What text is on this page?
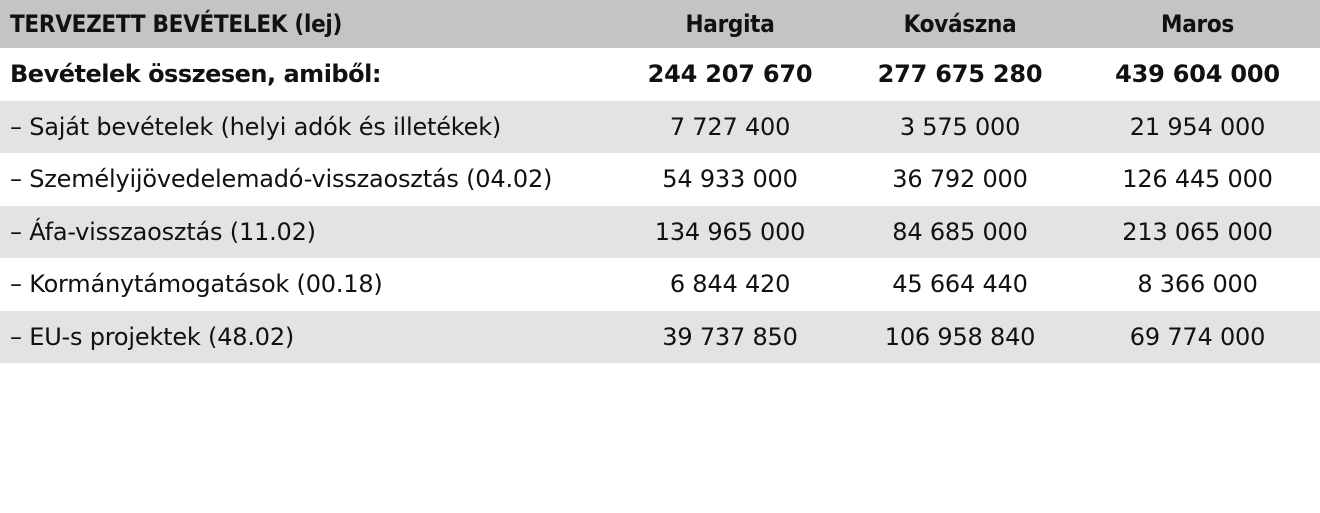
TERVEZETT BEVÉTELEK (lej)	Hargita	Kovászna	Maros
Bevételek összesen, amiből:	244 207 670	277 675 280	439 604 000
– Saját bevételek (helyi adók és illetékek)	7 727 400	3 575 000	21 954 000
– Személyijövedelemadó-visszaosztás (04.02)	54 933 000	36 792 000	126 445 000
– Áfa-visszaosztás (11.02)	134 965 000	84 685 000	213 065 000
– Kormánytámogatások (00.18)	6 844 420	45 664 440	8 366 000
– EU-s projektek (48.02)	39 737 850	106 958 840	69 774 000
